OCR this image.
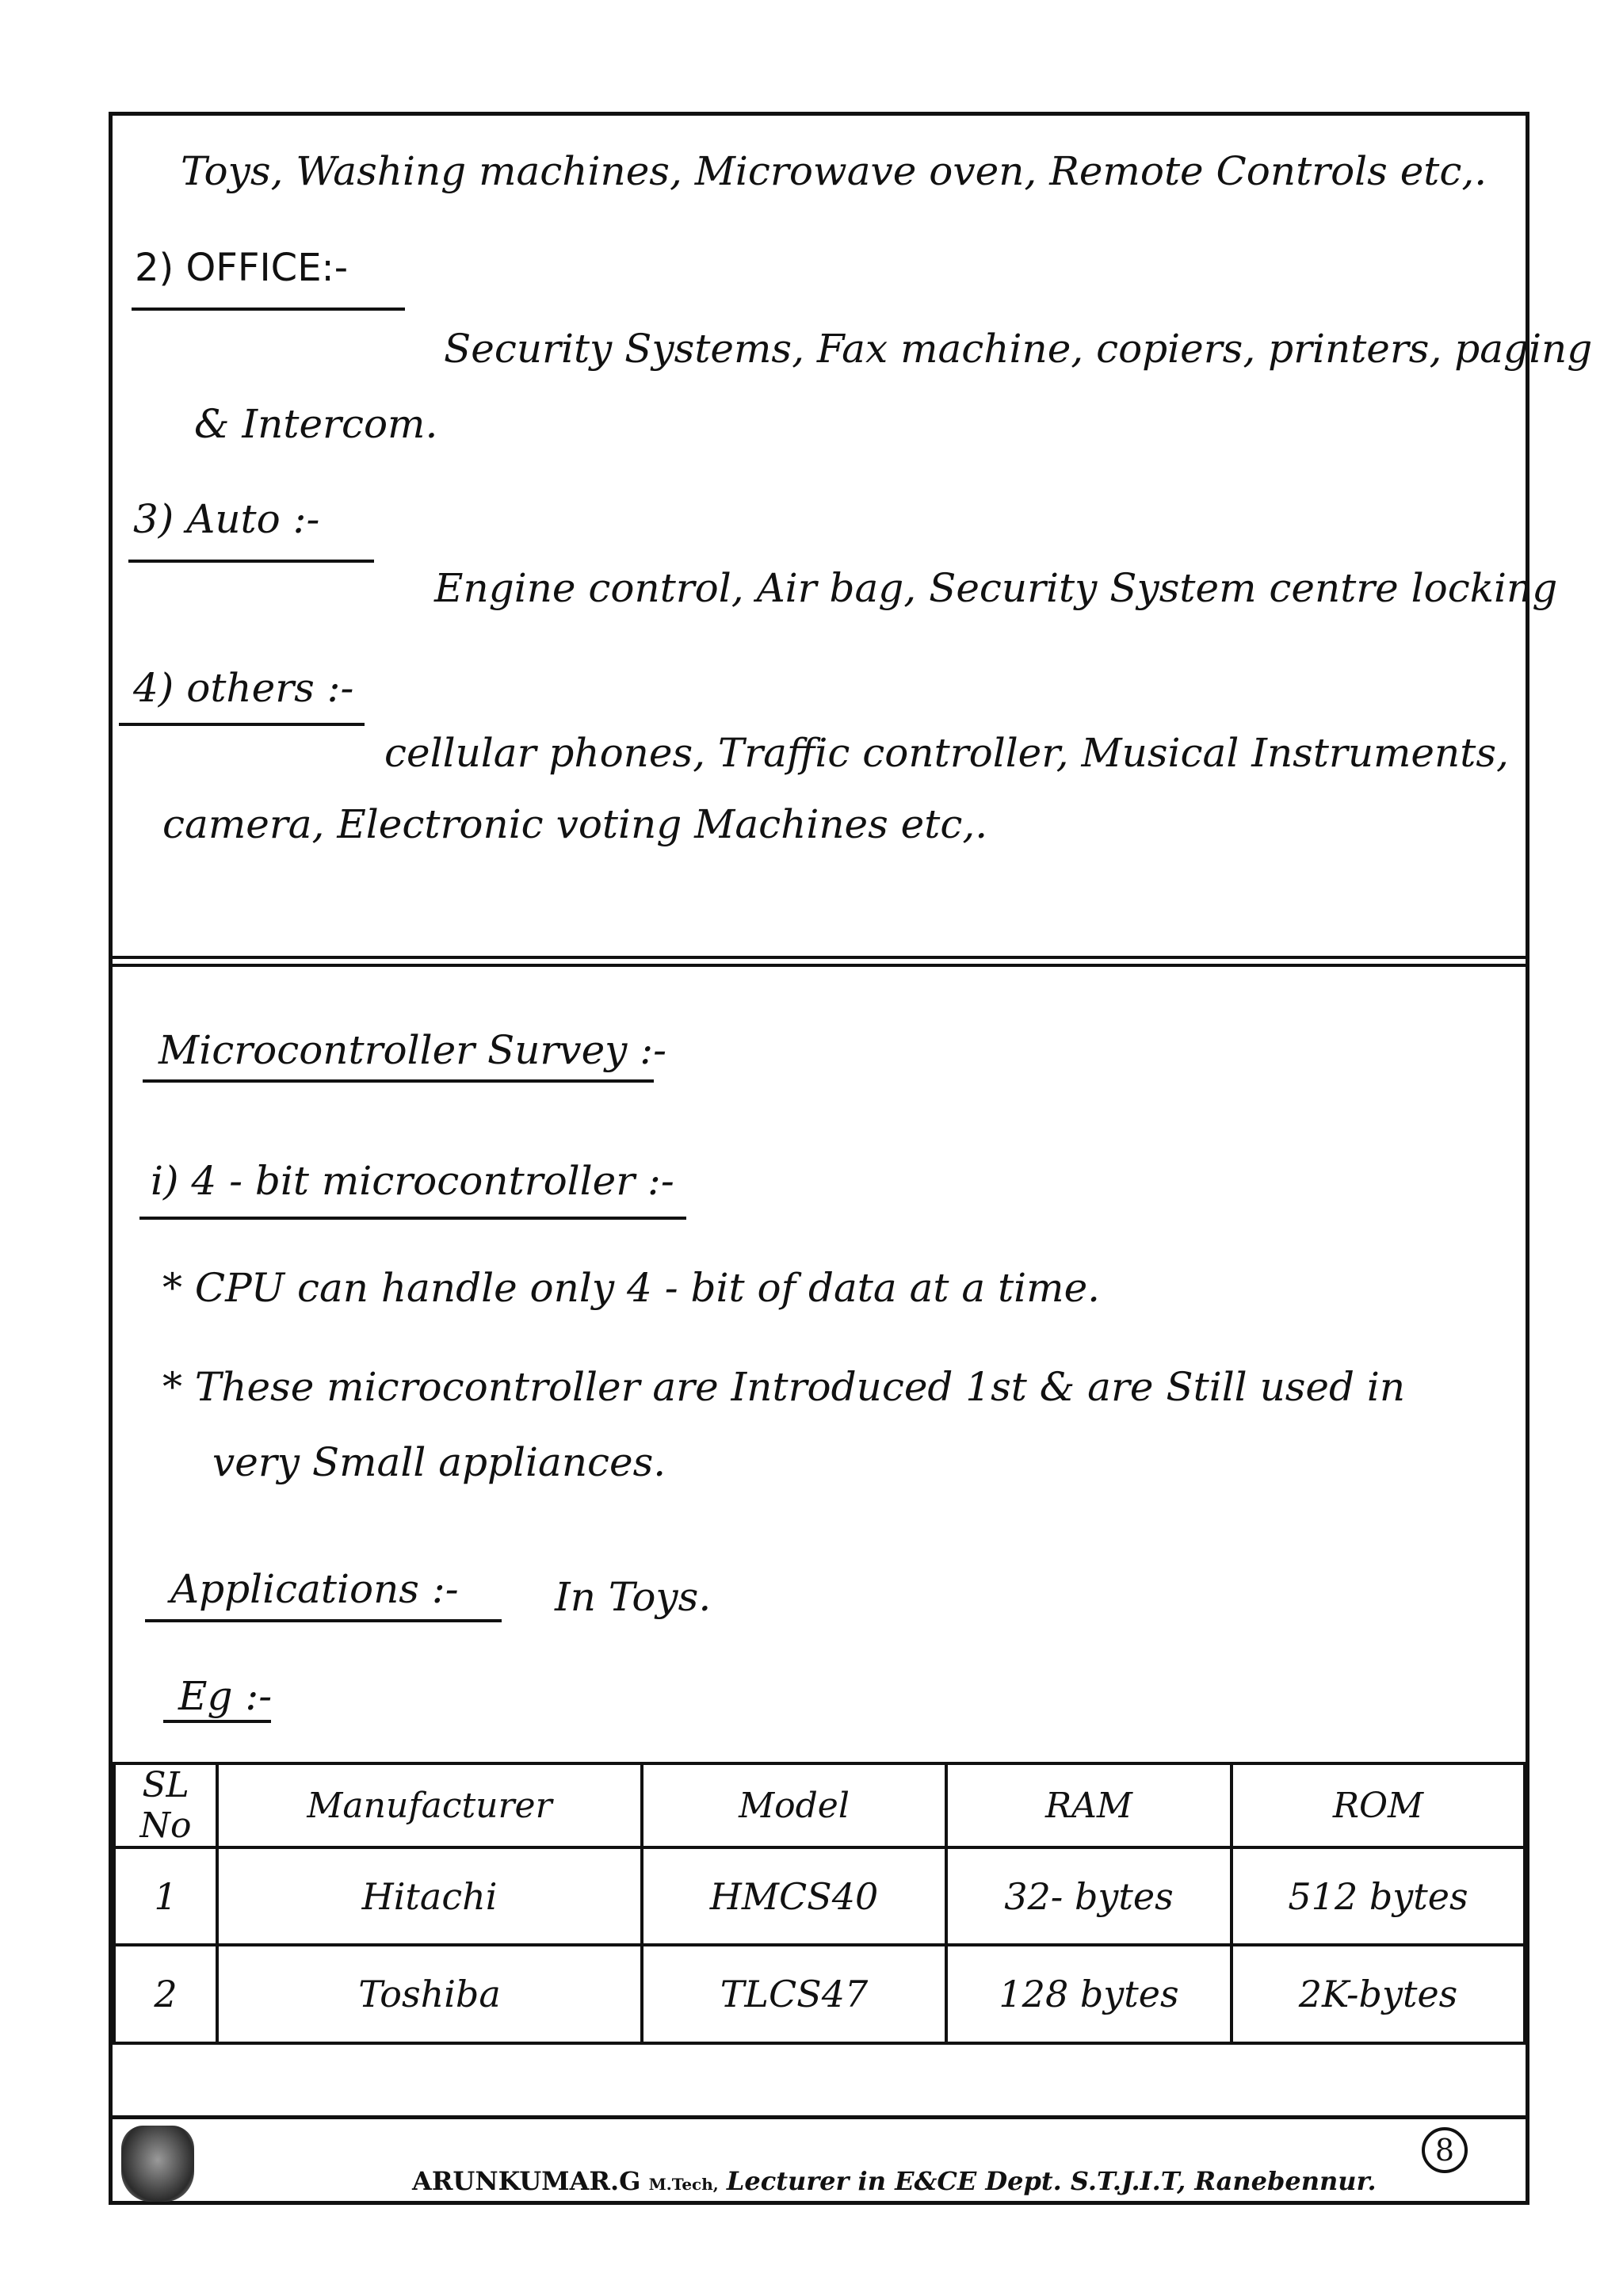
Toys, Washing machines, Microwave oven, Remote Controls etc,.
2) OFFICE:-
Security Systems, Fax machine, copiers, printers, paging
& Intercom.
3) Auto :-
Engine control, Air bag, Security System centre locking
4) others :-
cellular phones, Traffic controller, Musical Instruments,
camera, Electronic voting Machines etc,.
Microcontroller Survey :-
i) 4 - bit microcontroller :-
* CPU can handle only 4 - bit of data at a time.
* These microcontroller are Introduced 1st & are Still used in
very Small appliances.
Applications :- In Toys.
Eg :-
SL No	Manufacturer	Model	RAM	ROM
1	Hitachi	HMCS40	32- bytes	512 bytes
2	Toshiba	TLCS47	128 bytes	2K-bytes
ARUNKUMAR.G M.Tech, Lecturer in E&CE Dept. S.T.J.I.T, Ranebennur.
8
